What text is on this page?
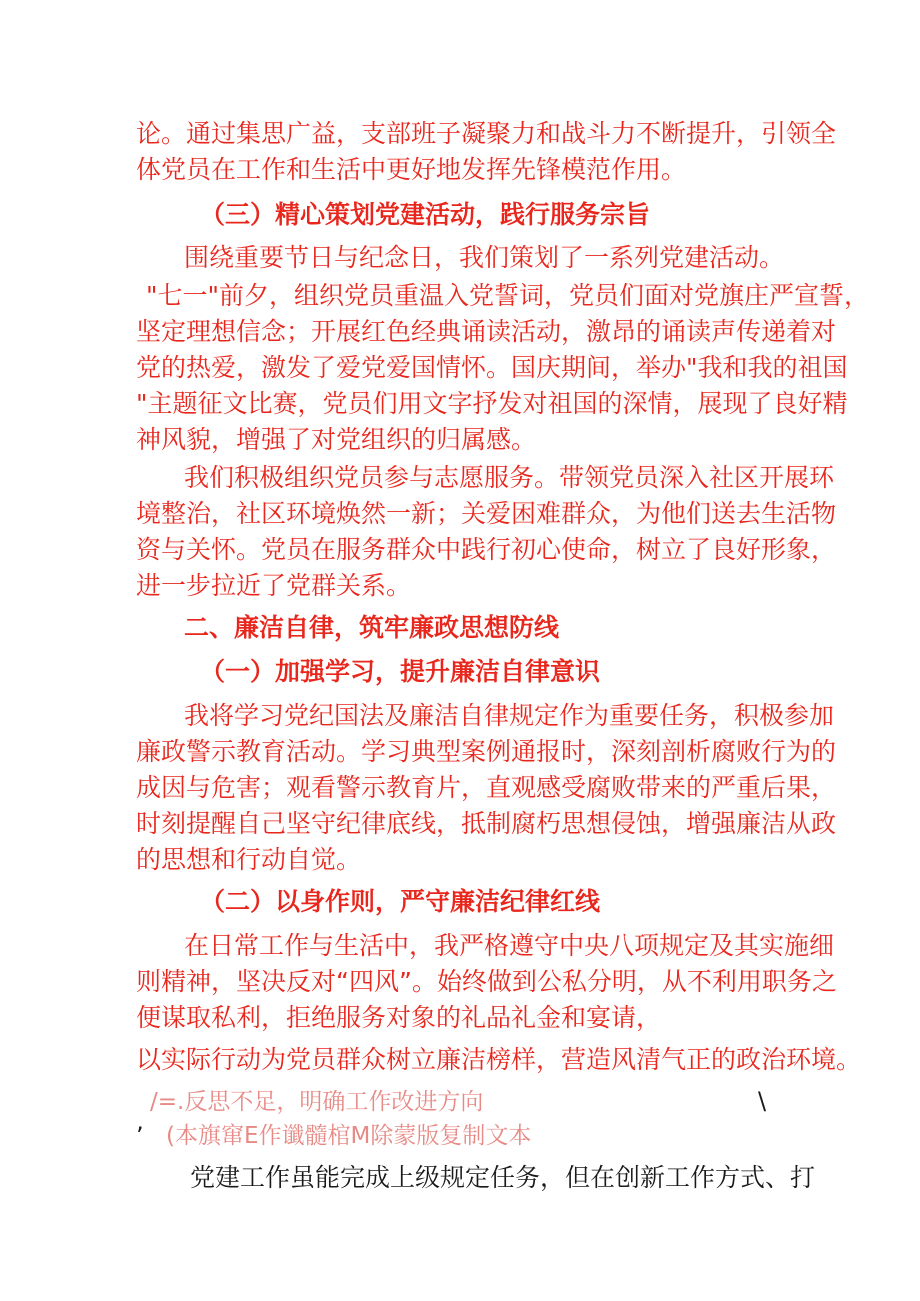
论。通过集思广益，支部班子凝聚力和战斗力不断提升，引领全
体党员在工作和生活中更好地发挥先锋模范作用。
（三）精心策划党建活动，践行服务宗旨
围绕重要节日与纪念日，我们策划了一系列党建活动。
"七一"前夕，组织党员重温入党誓词，党员们面对党旗庄严宣誓，
坚定理想信念；开展红色经典诵读活动，激昂的诵读声传递着对
党的热爱，激发了爱党爱国情怀。国庆期间，举办"我和我的祖国
"主题征文比赛，党员们用文字抒发对祖国的深情，展现了良好精
神风貌，增强了对党组织的归属感。
我们积极组织党员参与志愿服务。带领党员深入社区开展环
境整治，社区环境焕然一新；关爱困难群众，为他们送去生活物
资与关怀。党员在服务群众中践行初心使命，树立了良好形象，
进一步拉近了党群关系。
二、廉洁自律，筑牢廉政思想防线
（一）加强学习，提升廉洁自律意识
我将学习党纪国法及廉洁自律规定作为重要任务，积极参加
廉政警示教育活动。学习典型案例通报时，深刻剖析腐败行为的
成因与危害；观看警示教育片，直观感受腐败带来的严重后果，
时刻提醒自己坚守纪律底线，抵制腐朽思想侵蚀，增强廉洁从政
的思想和行动自觉。
（二）以身作则，严守廉洁纪律红线
在日常工作与生活中，我严格遵守中央八项规定及其实施细
则精神，坚决反对“四风”。始终做到公私分明，从不利用职务之
便谋取私利，拒绝服务对象的礼品礼金和宴请，
以实际行动为党员群众树立廉洁榜样，营造风清气正的政治环境。
/=.反思不足，明确工作改进方向	\
’ (本旗窜E作谶髓棺M除蒙版复制文本
党建工作虽能完成上级规定任务，但在创新工作方式、打
